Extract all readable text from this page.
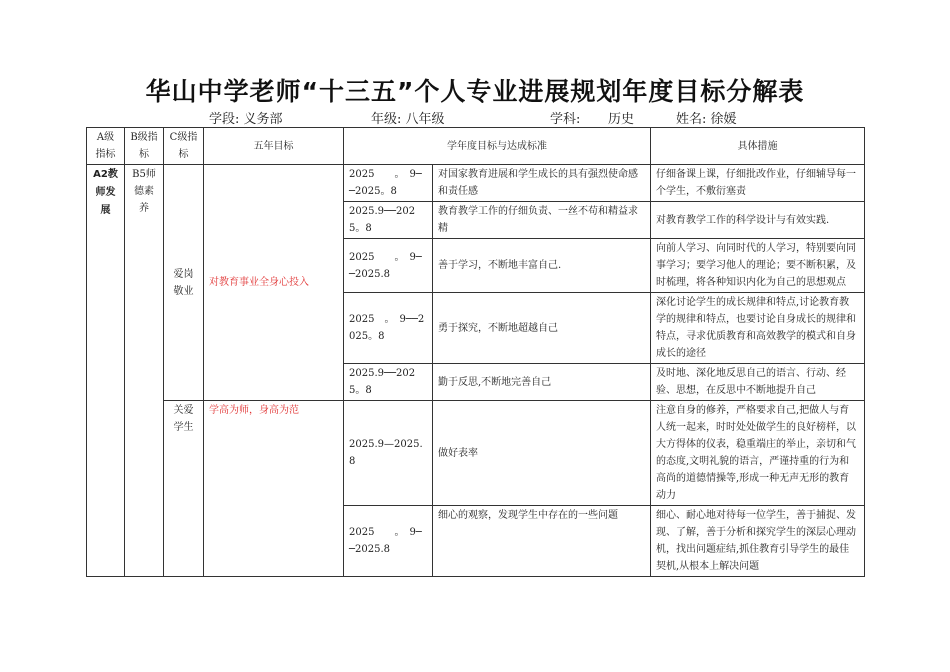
华山中学老师“十三五”个人专业进展规划年度目标分解表
学段: 义务部	年级: 八年级	学科: 历史	姓名: 徐媛
A级指标	B级指标	C级指标	五年目标	学年度目标与达成标准		具体措施
A2教师发展	B5师德素养	爱岗敬业	对教育事业全身心投入	2025　　。　9──2025。8	对国家教育进展和学生成长的具有强烈使命感和责任感	仔细备课上课，仔细批改作业，仔细辅导每一个学生，不敷衍塞责
				2025.9──2025。8	教育教学工作的仔细负责、一丝不苟和精益求精	对教育教学工作的科学设计与有效实践.
				2025　　。　9──2025.8	善于学习，不断地丰富自己.	向前人学习、向同时代的人学习，特别要向同事学习；要学习他人的理论；要不断积累，及时梳理，将各种知识内化为自己的思想观点
				2025　。　9──2025。8	勇于探究，不断地超越自己	深化讨论学生的成长规律和特点,讨论教育教学的规律和特点，也要讨论自身成长的规律和特点，寻求优质教育和高效教学的模式和自身成长的途径
				2025.9──2025。8	勤于反思,不断地完善自己	及时地、深化地反思自己的语言、行动、经验、思想，在反思中不断地提升自己
		关爱学生	学高为师，身高为范	2025.9—2025.8	做好表率	注意自身的修养，严格要求自己,把做人与育人统一起来，时时处处做学生的良好榜样，以大方得体的仪表，稳重端庄的举止，亲切和气的态度,文明礼貌的语言，严谨持重的行为和高尚的道德情操等,形成一种无声无形的教育动力
				2025　　。　9──2025.8	细心的观察，发现学生中存在的一些问题	细心、耐心地对待每一位学生，善于捕捉、发现、了解，善于分析和探究学生的深层心理动机，找出问题症结,抓住教育引导学生的最佳契机,从根本上解决问题
